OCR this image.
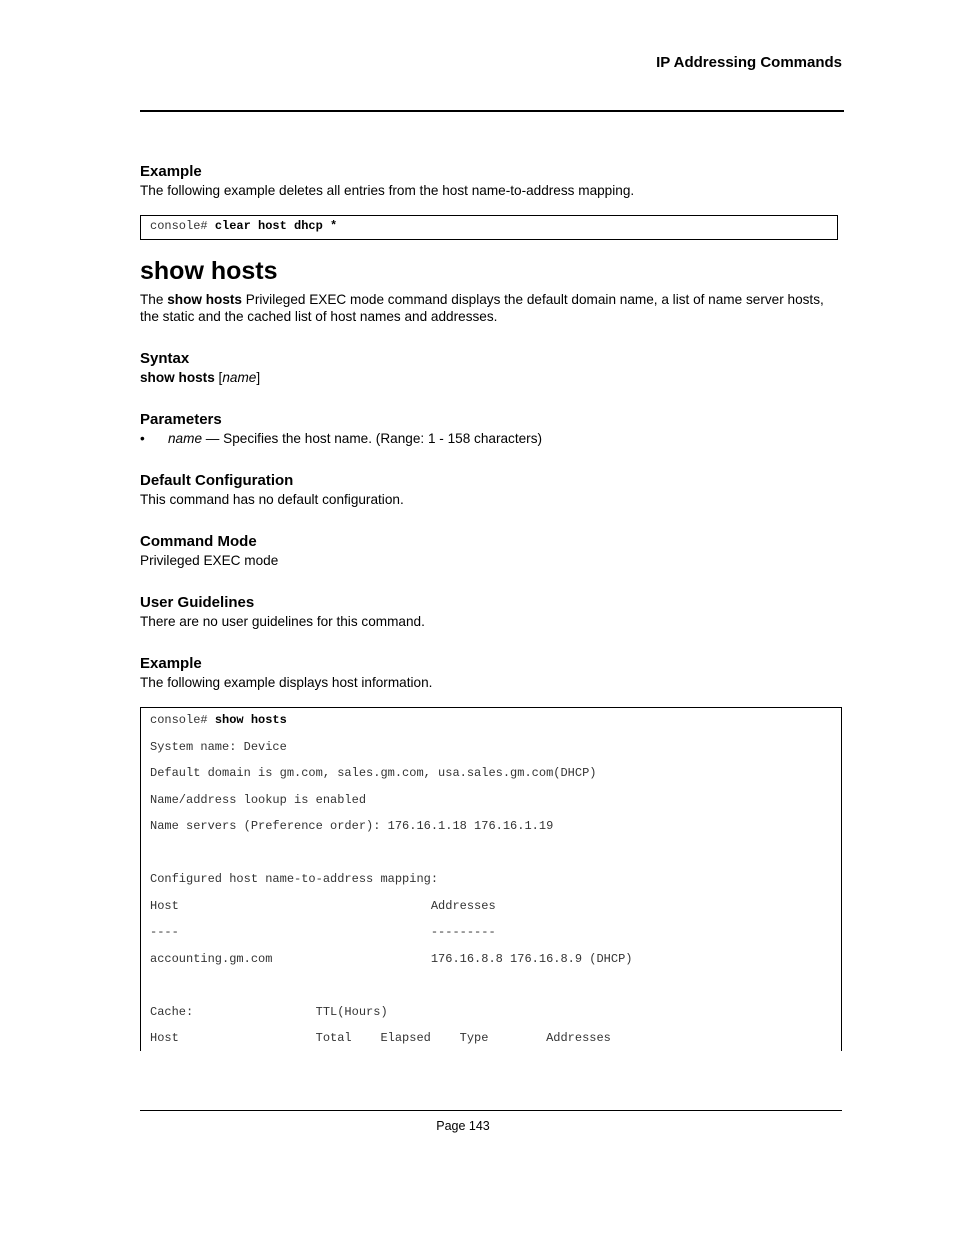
IP Addressing Commands
Example
The following example deletes all entries from the host name-to-address mapping.
console# clear host dhcp *
show hosts
The show hosts Privileged EXEC mode command displays the default domain name, a list of name server hosts, the static and the cached list of host names and addresses.
Syntax
show hosts [name]
Parameters
•	name — Specifies the host name. (Range: 1 - 158 characters)
Default Configuration
This command has no default configuration.
Command Mode
Privileged EXEC mode
User Guidelines
There are no user guidelines for this command.
Example
The following example displays host information.
console# show hosts
System name: Device
Default domain is gm.com, sales.gm.com, usa.sales.gm.com(DHCP)
Name/address lookup is enabled
Name servers (Preference order): 176.16.1.18 176.16.1.19
Configured host name-to-address mapping:
Host                                   Addresses
----                                   ---------
accounting.gm.com                      176.16.8.8 176.16.8.9 (DHCP)
Cache:                 TTL(Hours)
Host                   Total    Elapsed    Type        Addresses
Page 143
